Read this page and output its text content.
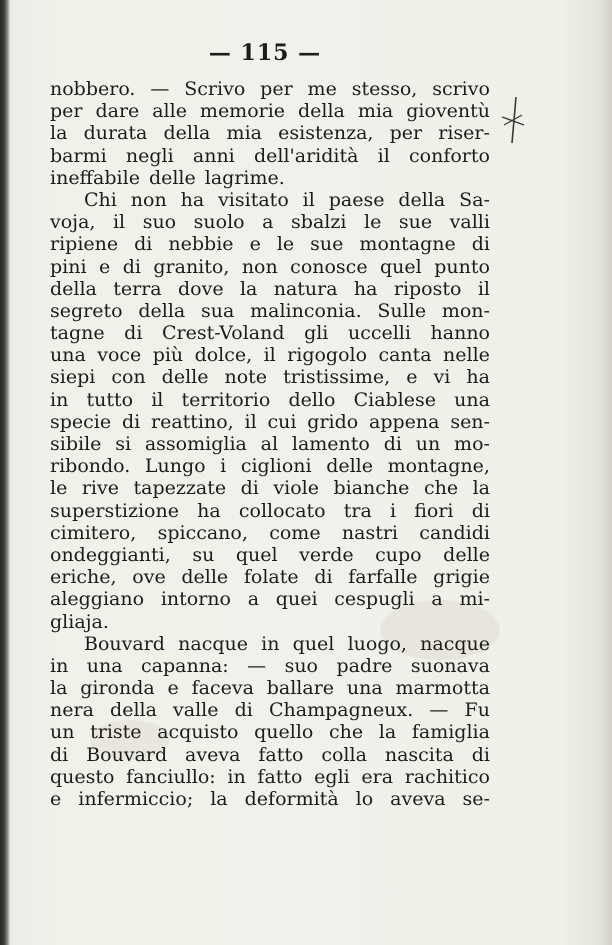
— 115 —
nobbero. — Scrivo per me stesso, scrivo
per dare alle memorie della mia gioventù
la durata della mia esistenza, per riser-
barmi negli anni dell'aridità il conforto
ineffabile delle lagrime.
Chi non ha visitato il paese della Sa-
voja, il suo suolo a sbalzi le sue valli
ripiene di nebbie e le sue montagne di
pini e di granito, non conosce quel punto
della terra dove la natura ha riposto il
segreto della sua malinconia. Sulle mon-
tagne di Crest-Voland gli uccelli hanno
una voce più dolce, il rigogolo canta nelle
siepi con delle note tristissime, e vi ha
in tutto il territorio dello Ciablese una
specie di reattino, il cui grido appena sen-
sibile si assomiglia al lamento di un mo-
ribondo. Lungo i ciglioni delle montagne,
le rive tapezzate di viole bianche che la
superstizione ha collocato tra i fiori di
cimitero, spiccano, come nastri candidi
ondeggianti, su quel verde cupo delle
eriche, ove delle folate di farfalle grigie
aleggiano intorno a quei cespugli a mi-
gliaja.
Bouvard nacque in quel luogo, nacque
in una capanna: — suo padre suonava
la gironda e faceva ballare una marmotta
nera della valle di Champagneux. — Fu
un triste acquisto quello che la famiglia
di Bouvard aveva fatto colla nascita di
questo fanciullo: in fatto egli era rachitico
e infermiccio; la deformità lo aveva se-
